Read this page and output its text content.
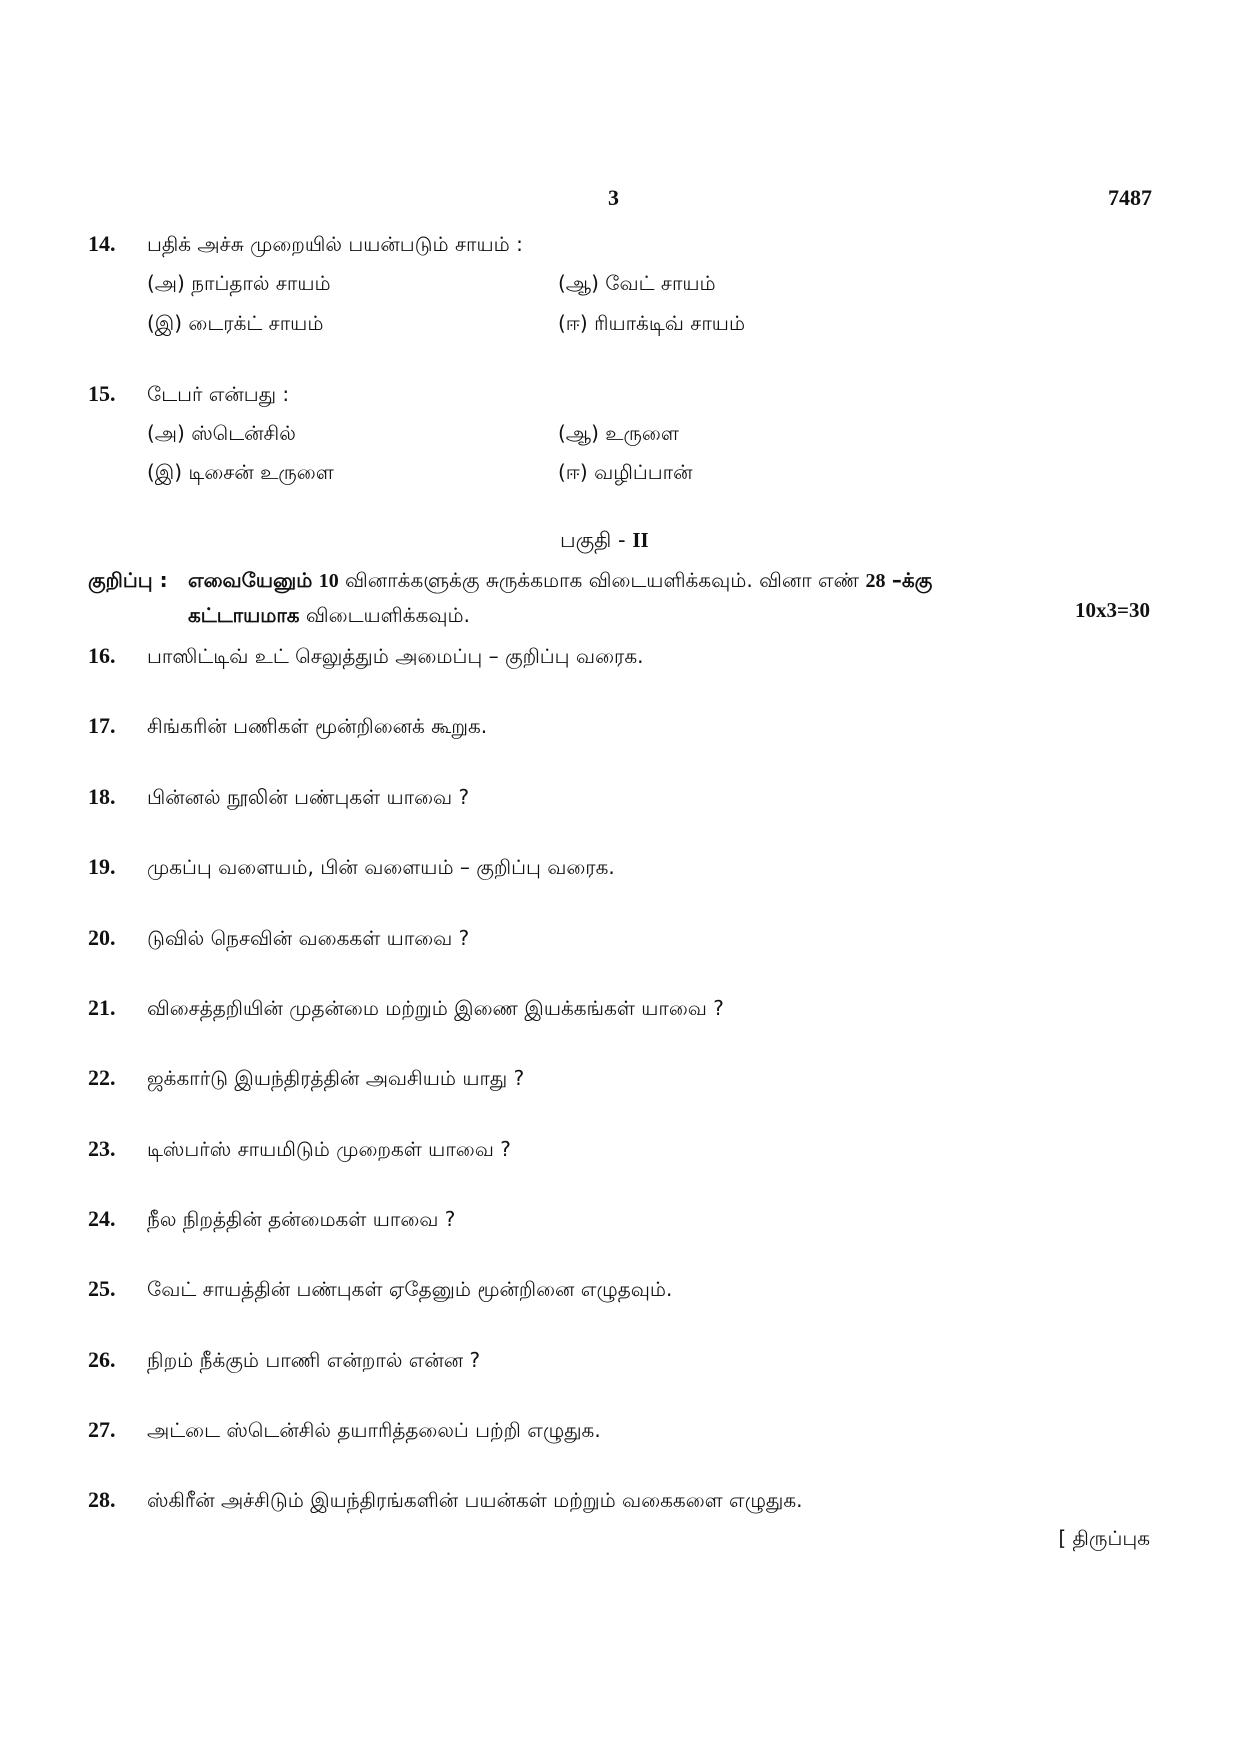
3	7487
14. பதிக் அச்சு முறையில் பயன்படும் சாயம் :
(அ) நாப்தால் சாயம்	(ஆ) வேட் சாயம்
(இ) டைரக்ட் சாயம்	(ஈ) ரியாக்டிவ் சாயம்
15. டேபர் என்பது :
(அ) ஸ்டென்சில்	(ஆ) உருளை
(இ) டிசைன் உருளை	(ஈ) வழிப்பான்
பகுதி - II
குறிப்பு : எவையேனும் 10 வினாக்களுக்கு சுருக்கமாக விடையளிக்கவும். வினா எண் 28 –க்கு
கட்டாயமாக விடையளிக்கவும்.	10x3=30
16. பாஸிட்டிவ் உட் செலுத்தும் அமைப்பு – குறிப்பு வரைக.
17. சிங்கரின் பணிகள் மூன்றினைக் கூறுக.
18. பின்னல் நூலின் பண்புகள் யாவை ?
19. முகப்பு வளையம், பின் வளையம் – குறிப்பு வரைக.
20. டுவில் நெசவின் வகைகள் யாவை ?
21. விசைத்தறியின் முதன்மை மற்றும் இணை இயக்கங்கள் யாவை ?
22. ஜக்கார்டு இயந்திரத்தின் அவசியம் யாது ?
23. டிஸ்பர்ஸ் சாயமிடும் முறைகள் யாவை ?
24. நீல நிறத்தின் தன்மைகள் யாவை ?
25. வேட் சாயத்தின் பண்புகள் ஏதேனும் மூன்றினை எழுதவும்.
26. நிறம் நீக்கும் பாணி என்றால் என்ன ?
27. அட்டை ஸ்டென்சில் தயாரித்தலைப் பற்றி எழுதுக.
28. ஸ்கிரீன் அச்சிடும் இயந்திரங்களின் பயன்கள் மற்றும் வகைகளை எழுதுக.
[ திருப்புக
